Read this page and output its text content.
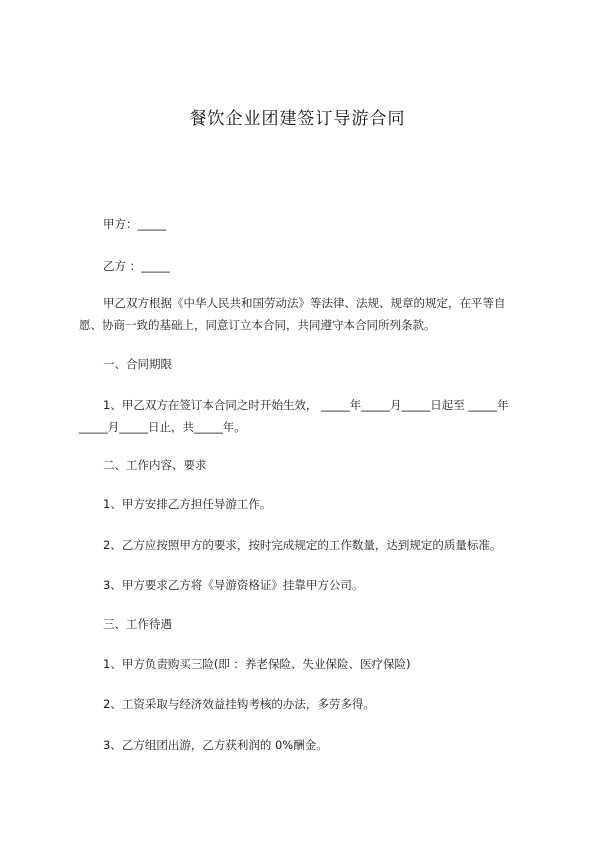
餐饮企业团建签订导游合同
甲方：_____
乙方 ：_____
甲乙双方根据《中华人民共和国劳动法》等法律、法规、规章的规定，在平等自愿、协商一致的基础上，同意订立本合同，共同遵守本合同所列条款。
一、合同期限
1、甲乙双方在签订本合同之时开始生效， _____年_____月_____日起至 _____年_____月_____日止，共_____年。
二、工作内容、要求
1、甲方安排乙方担任导游工作。
2、乙方应按照甲方的要求，按时完成规定的工作数量，达到规定的质量标准。
3、甲方要求乙方将《导游资格证》挂靠甲方公司。
三、工作待遇
1、甲方负责购买三险(即 ：养老保险、失业保险、医疗保险)
2、工资采取与经济效益挂钩考核的办法，多劳多得。
3、乙方组团出游，乙方获利润的 0%酬金。
